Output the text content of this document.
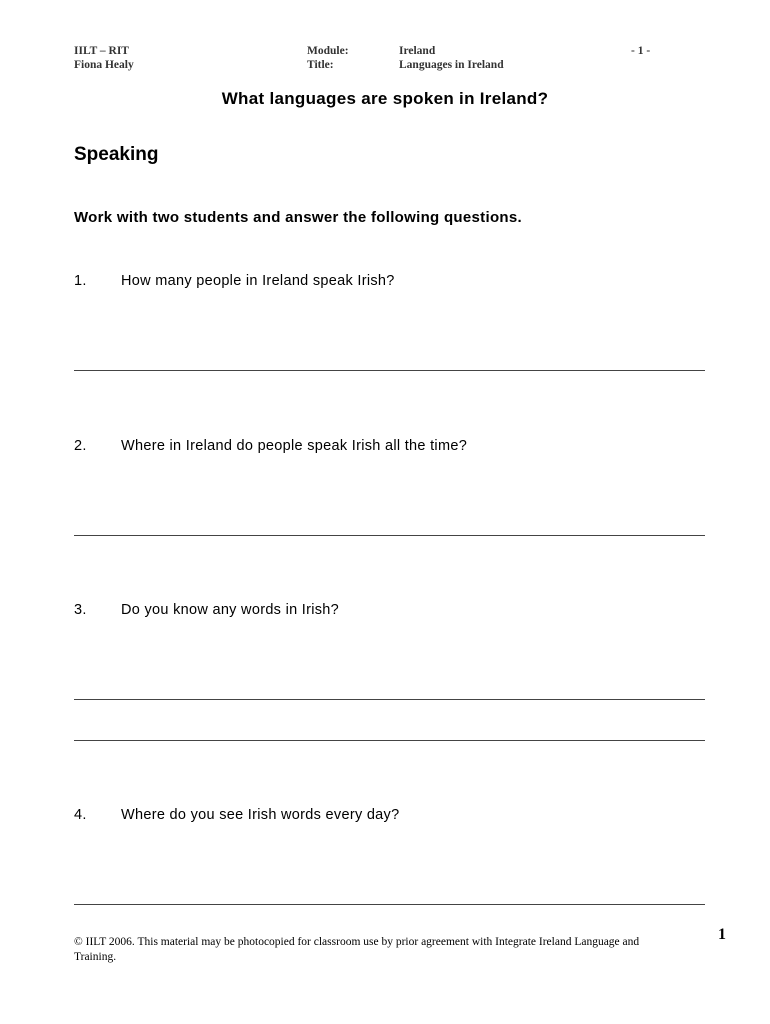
IILT – RIT
Fiona Healy
Module:
Title:
Ireland
Languages in Ireland
- 1 -
What languages are spoken in Ireland?
Speaking
Work with two students and answer the following questions.
1. How many people in Ireland speak Irish?
2. Where in Ireland do people speak Irish all the time?
3. Do you know any words in Irish?
4. Where do you see Irish words every day?
© IILT 2006. This material may be photocopied for classroom use by prior agreement with Integrate Ireland Language and Training.
1
